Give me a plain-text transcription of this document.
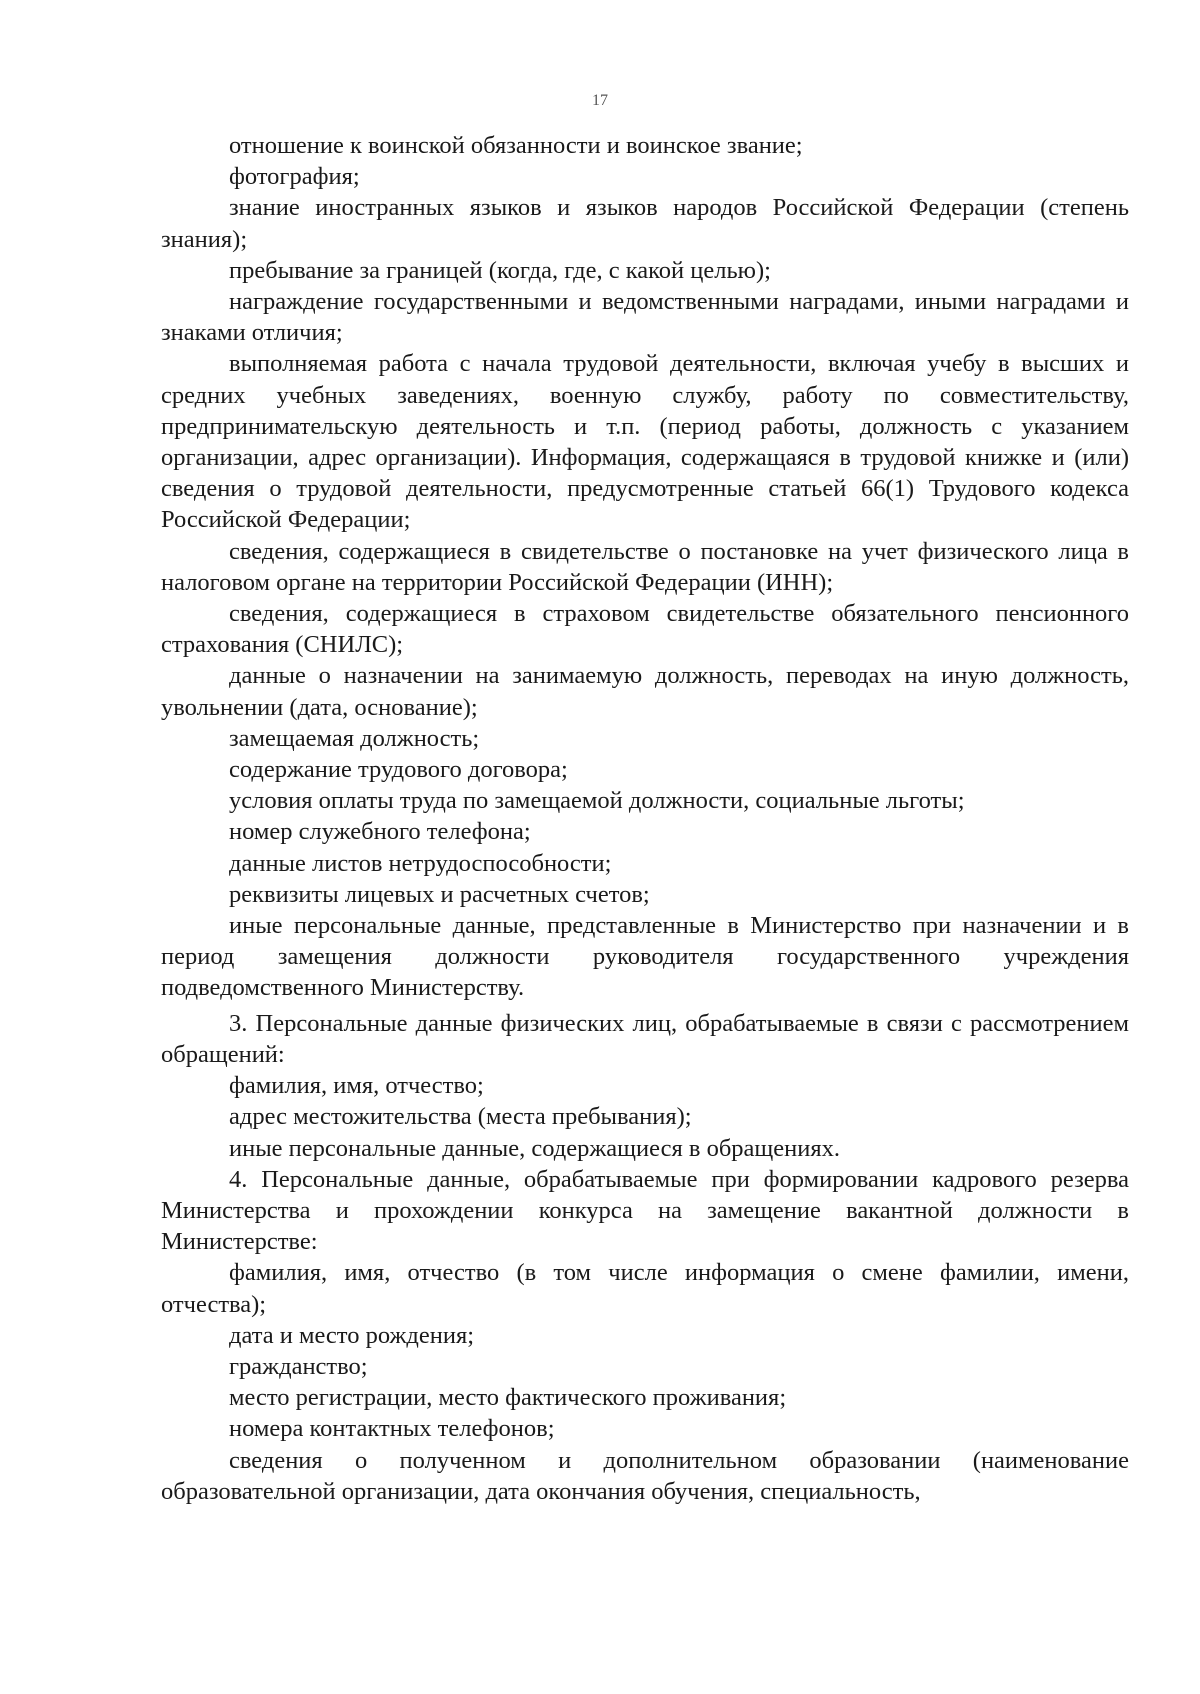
17

отношение к воинской обязанности и воинское звание;

фотография;

знание иностранных языков и языков народов Российской Федерации (степень знания);

пребывание за границей (когда, где, с какой целью);

награждение государственными и ведомственными наградами, иными наградами и знаками отличия;

выполняемая работа с начала трудовой деятельности, включая учебу в высших и средних учебных заведениях, военную службу, работу по совместительству, предпринимательскую деятельность и т.п. (период работы, должность с указанием организации, адрес организации). Информация, содержащаяся в трудовой книжке и (или) сведения о трудовой деятельности, предусмотренные статьей 66(1) Трудового кодекса Российской Федерации;

сведения, содержащиеся в свидетельстве о постановке на учет физического лица в налоговом органе на территории Российской Федерации (ИНН);

сведения, содержащиеся в страховом свидетельстве обязательного пенсионного страхования (СНИЛС);

данные о назначении на занимаемую должность, переводах на иную должность, увольнении (дата, основание);

замещаемая должность;

содержание трудового договора;

условия оплаты труда по замещаемой должности, социальные льготы;

номер служебного телефона;

данные листов нетрудоспособности;

реквизиты лицевых и расчетных счетов;

иные персональные данные, представленные в Министерство при назначении и в период замещения должности руководителя государственного учреждения подведомственного Министерству.

3. Персональные данные физических лиц, обрабатываемые в связи с рассмотрением обращений:

фамилия, имя, отчество;

адрес местожительства (места пребывания);

иные персональные данные, содержащиеся в обращениях.

4. Персональные данные, обрабатываемые при формировании кадрового резерва Министерства и прохождении конкурса на замещение вакантной должности в Министерстве:

фамилия, имя, отчество (в том числе информация о смене фамилии, имени, отчества);

дата и место рождения;

гражданство;

место регистрации, место фактического проживания;

номера контактных телефонов;

сведения о полученном и дополнительном образовании (наименование образовательной организации, дата окончания обучения, специальность,
